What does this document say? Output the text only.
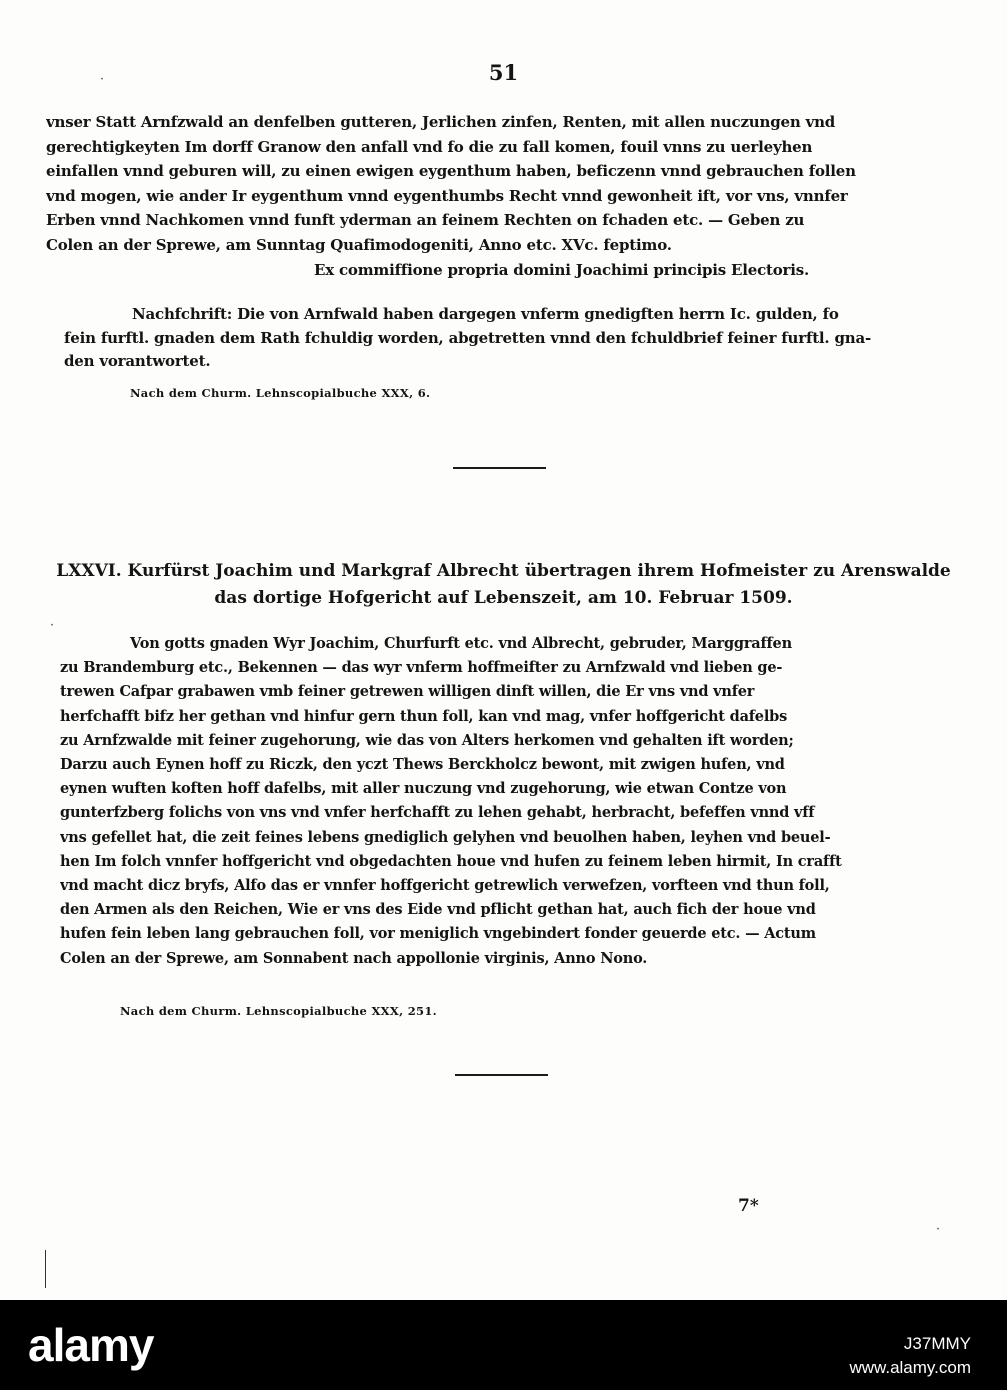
51
·
vnser Statt Arnfzwald an denfelben gutteren, Jerlichen zinfen, Renten, mit allen nuczungen vnd
gerechtigkeyten Im dorff Granow den anfall vnd fo die zu fall komen, fouil vnns zu uerleyhen
einfallen vnnd geburen will, zu einen ewigen eygenthum haben, beficzenn vnnd gebrauchen follen
vnd mogen, wie ander Ir eygenthum vnnd eygenthumbs Recht vnnd gewonheit ift, vor vns, vnnfer
Erben vnnd Nachkomen vnnd funft yderman an feinem Rechten on fchaden etc. — Geben zu
Colen an der Sprewe, am Sunntag Quafimodogeniti, Anno etc. XVc. feptimo.
Ex commiffione propria domini Joachimi principis Electoris.
Nachfchrift: Die von Arnfwald haben dargegen vnferm gnedigften herrn Ic. gulden, fo
fein furftl. gnaden dem Rath fchuldig worden, abgetretten vnnd den fchuldbrief feiner furftl. gna-
den vorantwortet.
Nach dem Churm. Lehnscopialbuche XXX, 6.
LXXVI. Kurfürst Joachim und Markgraf Albrecht übertragen ihrem Hofmeister zu Arenswalde
das dortige Hofgericht auf Lebenszeit, am 10. Februar 1509.
·
Von gotts gnaden Wyr Joachim, Churfurft etc. vnd Albrecht, gebruder, Marggraffen
zu Brandemburg etc., Bekennen — das wyr vnferm hoffmeifter zu Arnfzwald vnd lieben ge-
trewen Cafpar grabawen vmb feiner getrewen willigen dinft willen, die Er vns vnd vnfer
herfchafft bifz her gethan vnd hinfur gern thun foll, kan vnd mag, vnfer hoffgericht dafelbs
zu Arnfzwalde mit feiner zugehorung, wie das von Alters herkomen vnd gehalten ift worden;
Darzu auch Eynen hoff zu Riczk, den yczt Thews Berckholcz bewont, mit zwigen hufen, vnd
eynen wuften koften hoff dafelbs, mit aller nuczung vnd zugehorung, wie etwan Contze von
gunterfzberg folichs von vns vnd vnfer herfchafft zu lehen gehabt, herbracht, befeffen vnnd vff
vns gefellet hat, die zeit feines lebens gnediglich gelyhen vnd beuolhen haben, leyhen vnd beuel-
hen Im folch vnnfer hoffgericht vnd obgedachten houe vnd hufen zu feinem leben hirmit, In crafft
vnd macht dicz bryfs, Alfo das er vnnfer hoffgericht getrewlich verwefzen, vorfteen vnd thun foll,
den Armen als den Reichen, Wie er vns des Eide vnd pflicht gethan hat, auch fich der houe vnd
hufen fein leben lang gebrauchen foll, vor meniglich vngebindert fonder geuerde etc. — Actum
Colen an der Sprewe, am Sonnabent nach appollonie virginis, Anno Nono.
Nach dem Churm. Lehnscopialbuche XXX, 251.
7*
·
alamy	J37MMY
www.alamy.com
